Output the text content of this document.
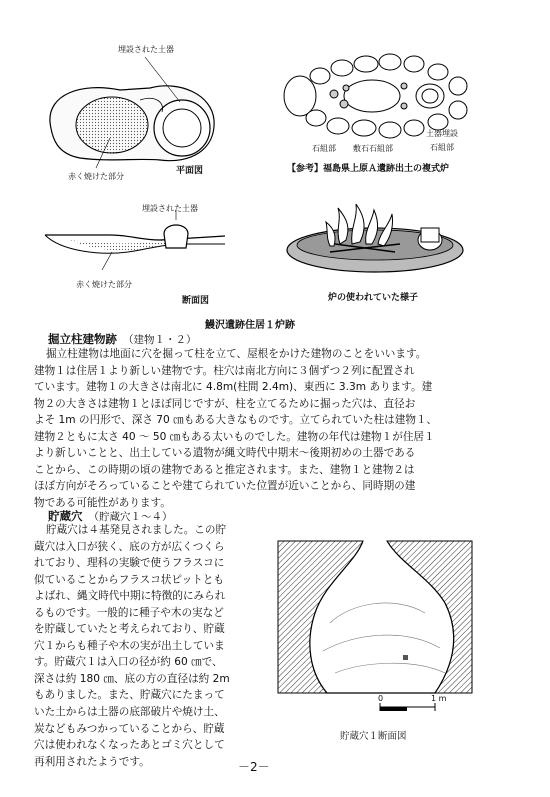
埋設された土器
赤く焼けた部分
平面図
石組部 敷石石組部
土器埋設
石組部
【参考】福島県上原Ａ遺跡出土の複式炉
埋設された土器
赤く焼けた部分
断面図	炉の使われていた様子
鰻沢遺跡住居１炉跡
掘立柱建物跡 （建物１・２）
掘立柱建物は地面に穴を掘って柱を立て、屋根をかけた建物のことをいいます。
建物１は住居１より新しい建物です。柱穴は南北方向に３個ずつ２列に配置され
ています。建物１の大きさは南北に 4.8m(柱間 2.4m)、東西に 3.3m あります。建
物２の大きさは建物１とほぼ同じですが、柱を立てるために掘った穴は、直径お
よそ 1m の円形で、深さ 70 ㎝もある大きなものです。立てられていた柱は建物１、
建物２ともに太さ 40 ～ 50 ㎝もある太いものでした。建物の年代は建物１が住居１
より新しいことと、出土している遺物が縄文時代中期末～後期初めの土器である
ことから、この時期の頃の建物であると推定されます。また、建物１と建物２は
ほぼ方向がそろっていることや建てられていた位置が近いことから、同時期の建
物である可能性があります。
貯蔵穴 （貯蔵穴１～４）
貯蔵穴は４基発見されました。この貯
蔵穴は入口が狭く、底の方が広くつくら
れており、理科の実験で使うフラスコに
似ていることからフラスコ状ピットとも
よばれ、縄文時代中期に特徴的にみられ
るものです。一般的に種子や木の実など
を貯蔵していたと考えられており、貯蔵
穴１からも種子や木の実が出土していま
す。貯蔵穴１は入口の径が約 60 ㎝で、
深さは約 180 ㎝、底の方の直径は約 2m
もありました。また、貯蔵穴にたまって
いた土からは土器の底部破片や焼け土、
炭などもみつかっていることから、貯蔵
穴は使われなくなったあとゴミ穴として
再利用されたようです。
0	1 m
貯蔵穴１断面図
－2－
